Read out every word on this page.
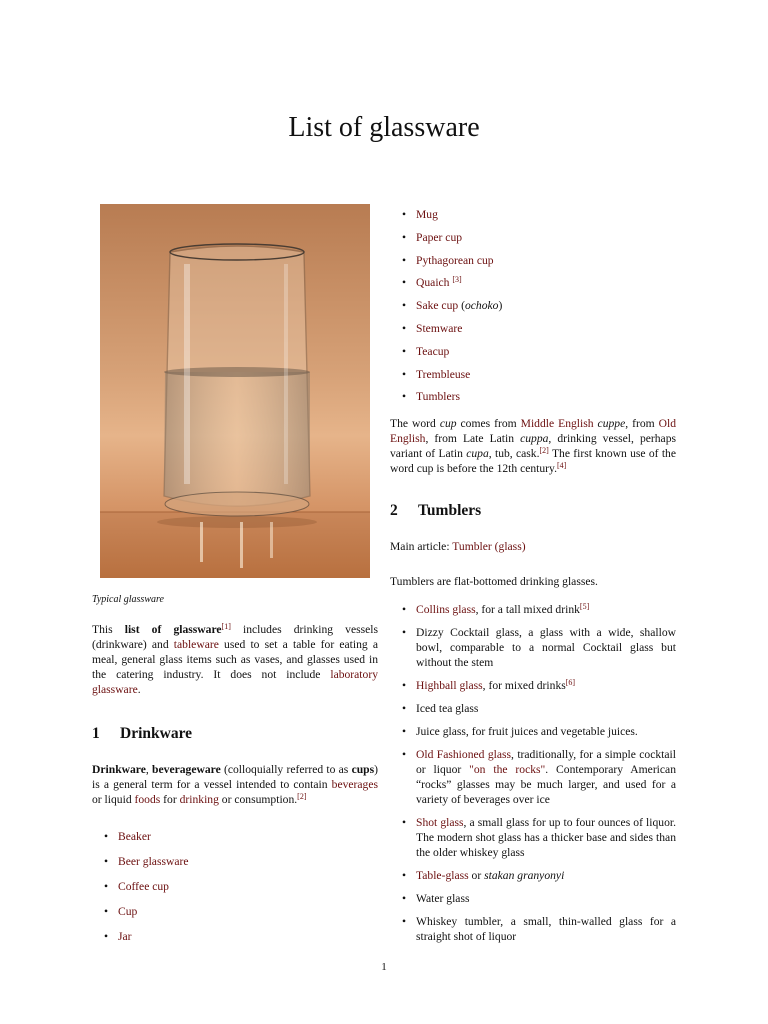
List of glassware
Typical glassware

This list of glassware[1] includes drinking vessels (drinkware) and tableware used to set a table for eating a meal, general glass items such as vases, and glasses used in the catering industry. It does not include laboratory glassware.

1 Drinkware

Drinkware, beverageware (colloquially referred to as cups) is a general term for a vessel intended to contain beverages or liquid foods for drinking or consumption.[2]

• Beaker
• Beer glassware
• Coffee cup
• Cup
• Jar
• Mug
• Paper cup
• Pythagorean cup
• Quaich [3]
• Sake cup (ochoko)
• Stemware
• Teacup
• Trembleuse
• Tumblers

The word cup comes from Middle English cuppe, from Old English, from Late Latin cuppa, drinking vessel, perhaps variant of Latin cupa, tub, cask.[2] The first known use of the word cup is before the 12th century.[4]

2 Tumblers

Main article: Tumbler (glass)

Tumblers are flat-bottomed drinking glasses.

• Collins glass, for a tall mixed drink[5]
• Dizzy Cocktail glass, a glass with a wide, shallow bowl, comparable to a normal Cocktail glass but without the stem
• Highball glass, for mixed drinks[6]
• Iced tea glass
• Juice glass, for fruit juices and vegetable juices.
• Old Fashioned glass, traditionally, for a simple cocktail or liquor "on the rocks". Contemporary American “rocks” glasses may be much larger, and used for a variety of beverages over ice
• Shot glass, a small glass for up to four ounces of liquor. The modern shot glass has a thicker base and sides than the older whiskey glass
• Table-glass or stakan granyonyi
• Water glass
• Whiskey tumbler, a small, thin-walled glass for a straight shot of liquor
1
